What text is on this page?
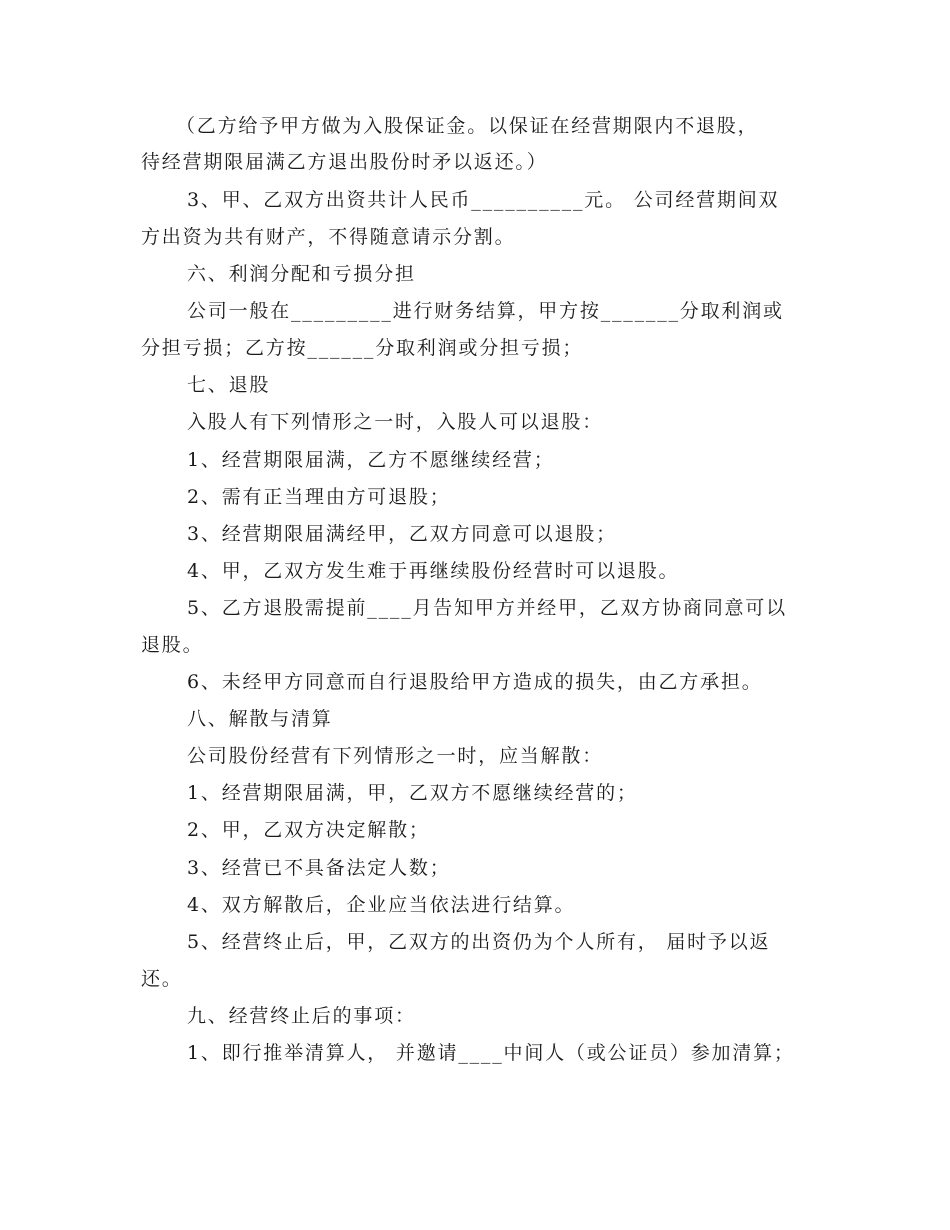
（乙方给予甲方做为入股保证金。以保证在经营期限内不退股，
待经营期限届满乙方退出股份时矛以返还。）
3、甲、乙双方出资共计人民币__________元。 公司经营期间双
方出资为共有财产，不得随意请示分割。
六、利润分配和亏损分担
公司一般在_________进行财务结算，甲方按_______分取利润或
分担亏损；乙方按______分取利润或分担亏损；
七、退股
入股人有下列情形之一时，入股人可以退股：
1、经营期限届满，乙方不愿继续经营；
2、需有正当理由方可退股；
3、经营期限届满经甲，乙双方同意可以退股；
4、甲，乙双方发生难于再继续股份经营时可以退股。
5、乙方退股需提前____月告知甲方并经甲，乙双方协商同意可以
退股。
6、未经甲方同意而自行退股给甲方造成的损失，由乙方承担。
八、解散与清算
公司股份经营有下列情形之一时，应当解散：
1、经营期限届满，甲，乙双方不愿继续经营的；
2、甲，乙双方决定解散；
3、经营已不具备法定人数；
4、双方解散后，企业应当依法进行结算。
5、经营终止后，甲，乙双方的出资仍为个人所有， 届时予以返
还。
九、经营终止后的事项：
1、即行推举清算人， 并邀请____中间人（或公证员）参加清算；
